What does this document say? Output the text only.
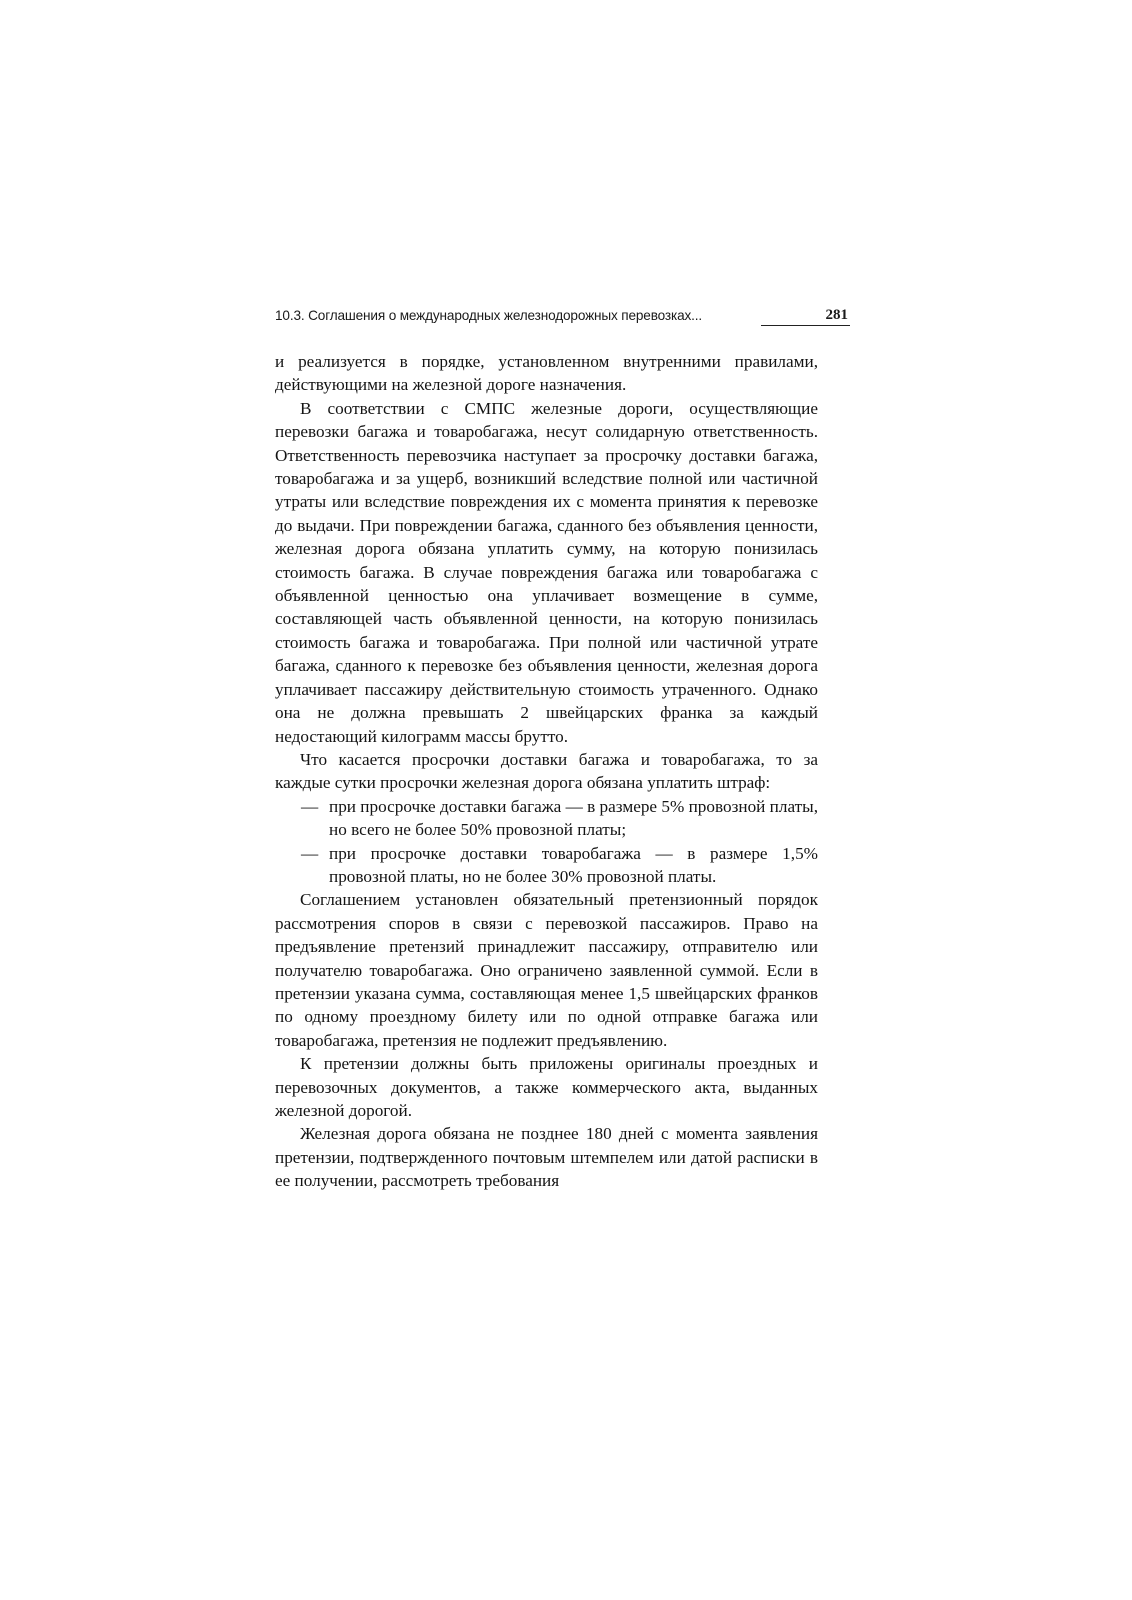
10.3. Соглашения о международных железнодорожных перевозках...	281

и реализуется в порядке, установленном внутренними правилами, действующими на железной дороге назначения.

В соответствии с СМПС железные дороги, осуществляющие перевозки багажа и товаробагажа, несут солидарную ответственность. Ответственность перевозчика наступает за просрочку доставки багажа, товаробагажа и за ущерб, возникший вследствие полной или частичной утраты или вследствие повреждения их с момента принятия к перевозке до выдачи. При повреждении багажа, сданного без объявления ценности, железная дорога обязана уплатить сумму, на которую понизилась стоимость багажа. В случае повреждения багажа или товаробагажа с объявленной ценностью она уплачивает возмещение в сумме, составляющей часть объявленной ценности, на которую понизилась стоимость багажа и товаробагажа. При полной или частичной утрате багажа, сданного к перевозке без объявления ценности, железная дорога уплачивает пассажиру действительную стоимость утраченного. Однако она не должна превышать 2 швейцарских франка за каждый недостающий килограмм массы брутто.

Что касается просрочки доставки багажа и товаробагажа, то за каждые сутки просрочки железная дорога обязана уплатить штраф:

— при просрочке доставки багажа — в размере 5% провозной платы, но всего не более 50% провозной платы;
— при просрочке доставки товаробагажа — в размере 1,5% провозной платы, но не более 30% провозной платы.

Соглашением установлен обязательный претензионный порядок рассмотрения споров в связи с перевозкой пассажиров. Право на предъявление претензий принадлежит пассажиру, отправителю или получателю товаробагажа. Оно ограничено заявленной суммой. Если в претензии указана сумма, составляющая менее 1,5 швейцарских франков по одному проездному билету или по одной отправке багажа или товаробагажа, претензия не подлежит предъявлению.

К претензии должны быть приложены оригиналы проездных и перевозочных документов, а также коммерческого акта, выданных железной дорогой.

Железная дорога обязана не позднее 180 дней с момента заявления претензии, подтвержденного почтовым штемпелем или датой расписки в ее получении, рассмотреть требования
